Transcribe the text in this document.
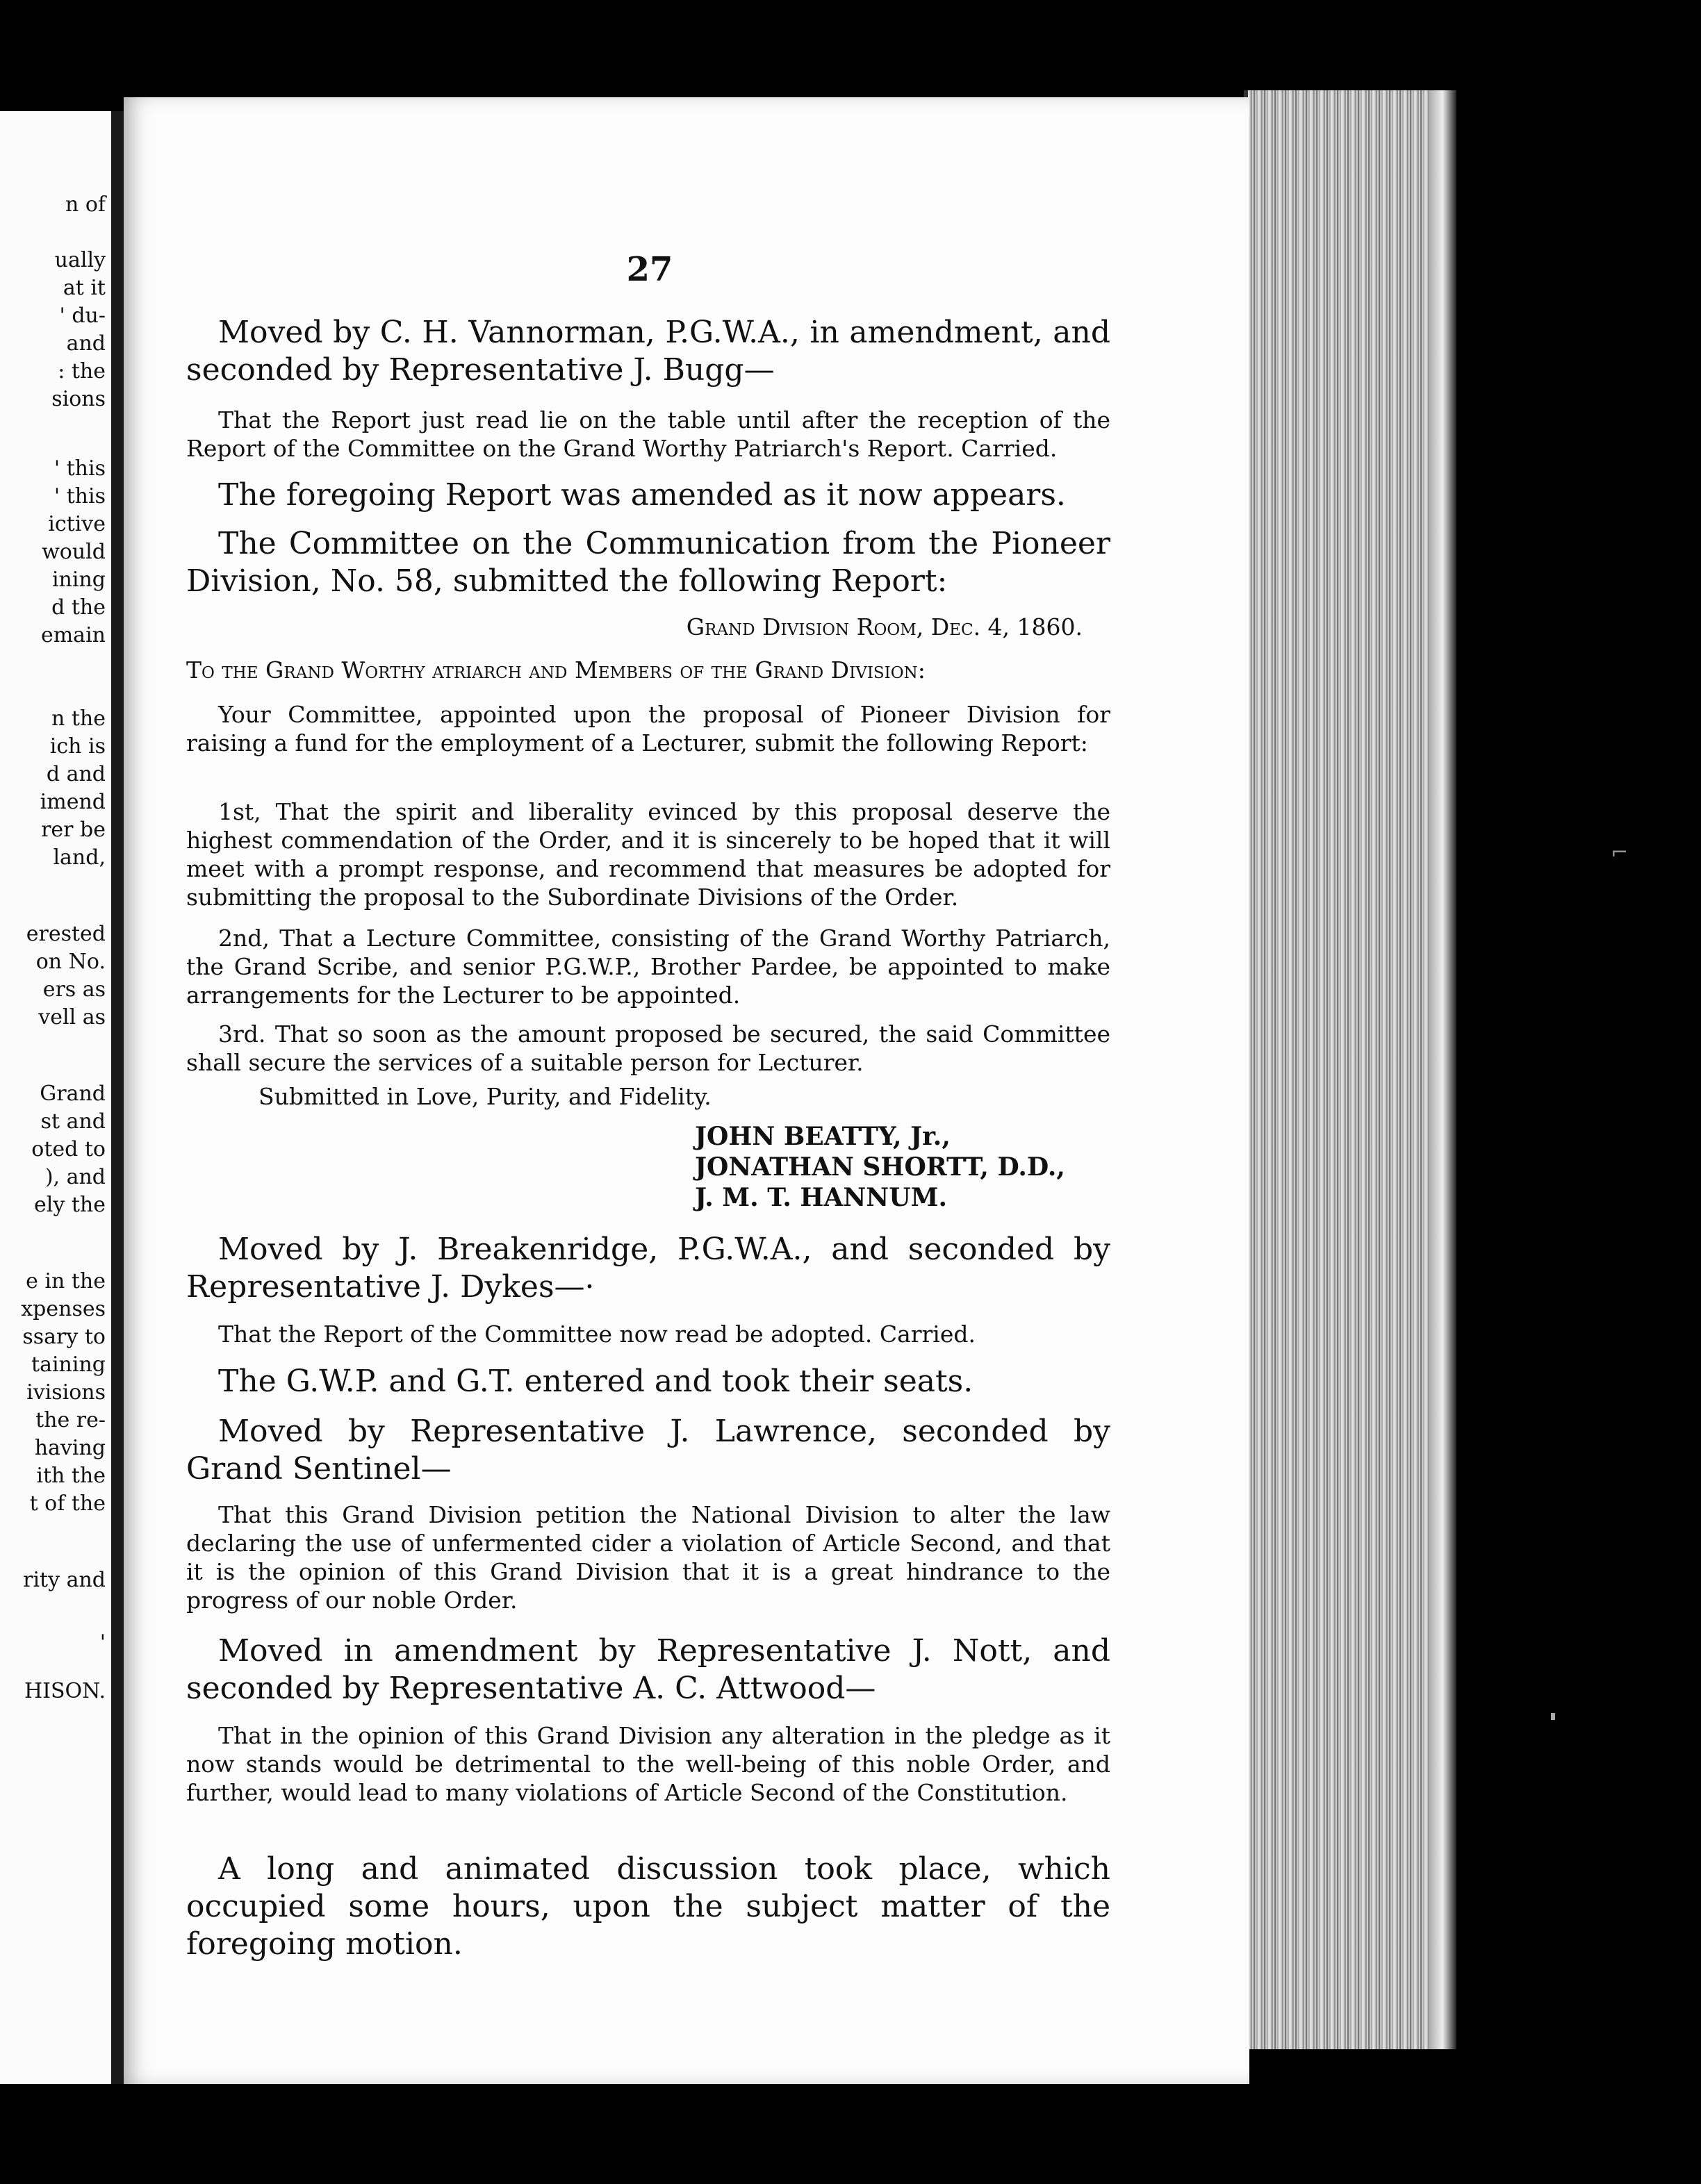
n of
ually
at it
' du-
and
: the
sions
' this
' this
ictive
would
ining
d the
emain
n the
ich is
d and
imend
rer be
land,
erested
on No.
ers as
vell as
Grand
st and
oted to
), and
ely the
e in the
xpenses
ssary to
taining
ivisions
the re-
having
ith the
t of the
rity and
'
HISON.
27
Moved by C. H. Vannorman, P.G.W.A., in amendment, and seconded by Representative J. Bugg—
That the Report just read lie on the table until after the reception of the Report of the Committee on the Grand Worthy Patriarch's Report. Carried.
The foregoing Report was amended as it now appears.
The Committee on the Communication from the Pioneer Division, No. 58, submitted the following Report:
Grand Division Room, Dec. 4, 1860.
To the Grand Worthy atriarch and Members of the Grand Division:
Your Committee, appointed upon the proposal of Pioneer Division for raising a fund for the employment of a Lecturer, submit the following Report:
1st, That the spirit and liberality evinced by this proposal deserve the highest commendation of the Order, and it is sincerely to be hoped that it will meet with a prompt response, and recommend that measures be adopted for submitting the proposal to the Subordinate Divisions of the Order.
2nd, That a Lecture Committee, consisting of the Grand Worthy Patriarch, the Grand Scribe, and senior P.G.W.P., Brother Pardee, be appointed to make arrangements for the Lecturer to be appointed.
3rd. That so soon as the amount proposed be secured, the said Committee shall secure the services of a suitable person for Lecturer.
Submitted in Love, Purity, and Fidelity.
JOHN BEATTY, Jr.,
JONATHAN SHORTT, D.D.,
J. M. T. HANNUM.
Moved by J. Breakenridge, P.G.W.A., and seconded by Representative J. Dykes—·
That the Report of the Committee now read be adopted. Carried.
The G.W.P. and G.T. entered and took their seats.
Moved by Representative J. Lawrence, seconded by Grand Sentinel—
That this Grand Division petition the National Division to alter the law declaring the use of unfermented cider a violation of Article Second, and that it is the opinion of this Grand Division that it is a great hindrance to the progress of our noble Order.
Moved in amendment by Representative J. Nott, and seconded by Representative A. C. Attwood—
That in the opinion of this Grand Division any alteration in the pledge as it now stands would be detrimental to the well-being of this noble Order, and further, would lead to many violations of Article Second of the Constitution.
A long and animated discussion took place, which occupied some hours, upon the subject matter of the foregoing motion.
⌐
